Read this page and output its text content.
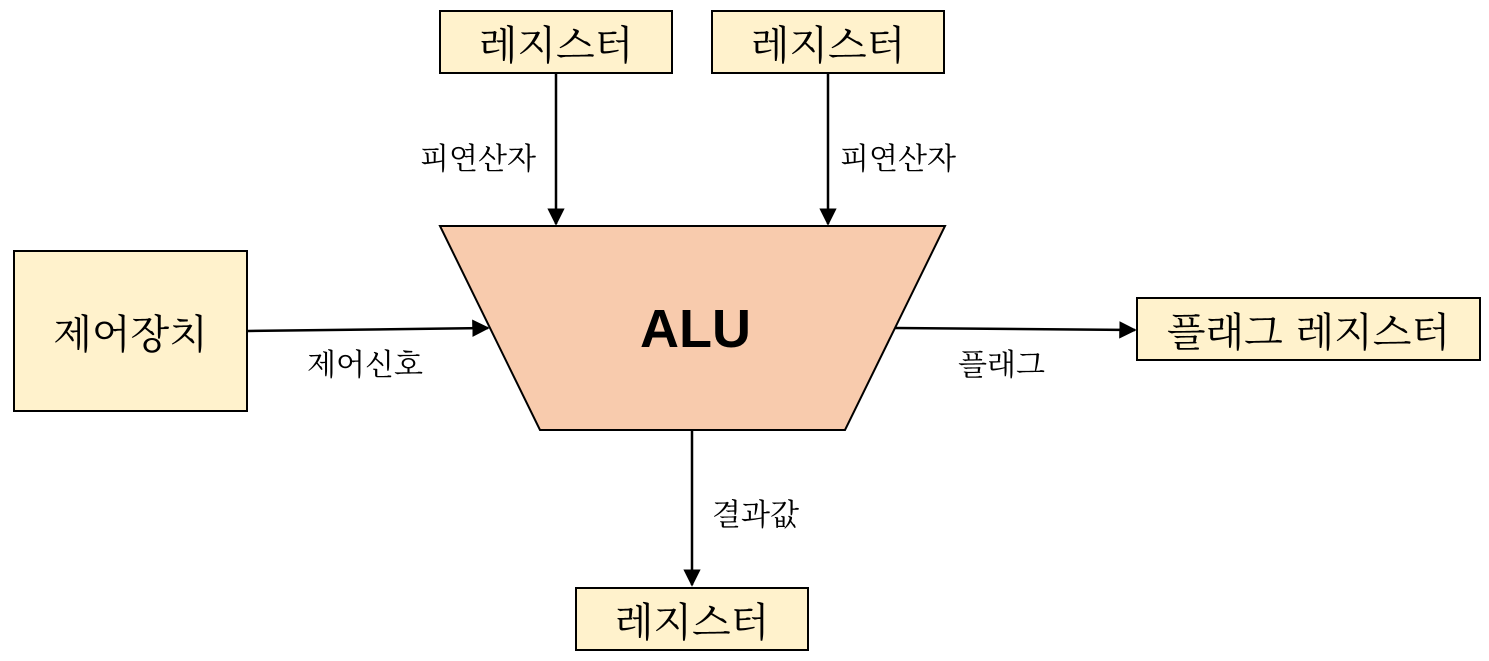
레지스터	레지스터
제어장치	플래그 레지스터
레지스터
ALU
피연산자	피연산자
제어신호	플래그
결과값
